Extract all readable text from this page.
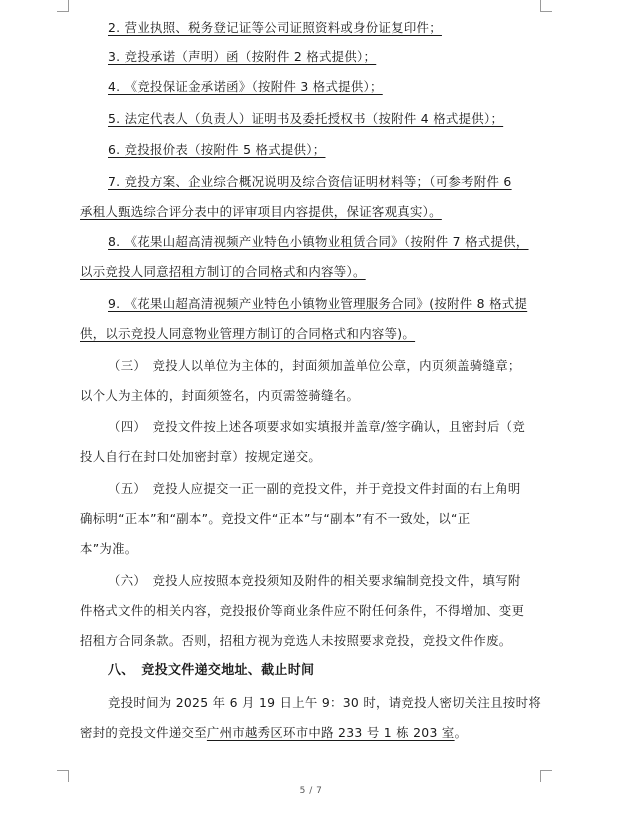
2. 营业执照、税务登记证等公司证照资料或身份证复印件；
4. 《竞投保证金承诺函》（按附件 3 格式提供）；
3. 竞投承诺（声明）函（按附件 2 格式提供）；
5. 法定代表人（负责人）证明书及委托授权书（按附件 4 格式提供）；
6. 竞投报价表（按附件 5 格式提供）；
7. 竞投方案、企业综合概况说明及综合资信证明材料等；（可参考附件 6
承租人甄选综合评分表中的评审项目内容提供，保证客观真实）。
8. 《花果山超高清视频产业特色小镇物业租赁合同》（按附件 7 格式提供，
以示竞投人同意招租方制订的合同格式和内容等）。
9. 《花果山超高清视频产业特色小镇物业管理服务合同》(按附件 8 格式提
供，以示竞投人同意物业管理方制订的合同格式和内容等)。
（三）　竞投人以单位为主体的，封面须加盖单位公章，内页须盖骑缝章；
以个人为主体的，封面须签名，内页需签骑缝名。
（四）　竞投文件按上述各项要求如实填报并盖章/签字确认，且密封后（竞
投人自行在封口处加密封章）按规定递交。
（五）　竞投人应提交一正一副的竞投文件，并于竞投文件封面的右上角明
确标明“正本”和“副本”。竞投文件“正本”与“副本”有不一致处，以“正
本”为准。
（六）　竞投人应按照本竞投须知及附件的相关要求编制竞投文件，填写附
件格式文件的相关内容，竞投报价等商业条件应不附任何条件，不得增加、变更
招租方合同条款。否则，招租方视为竞选人未按照要求竞投，竞投文件作废。
八、　竞投文件递交地址、截止时间
竞投时间为 2025 年 6 月 19 日上午 9：30 时，请竞投人密切关注且按时将
密封的竞投文件递交至广州市越秀区环市中路 233 号 1 栋 203 室。
5 / 7
